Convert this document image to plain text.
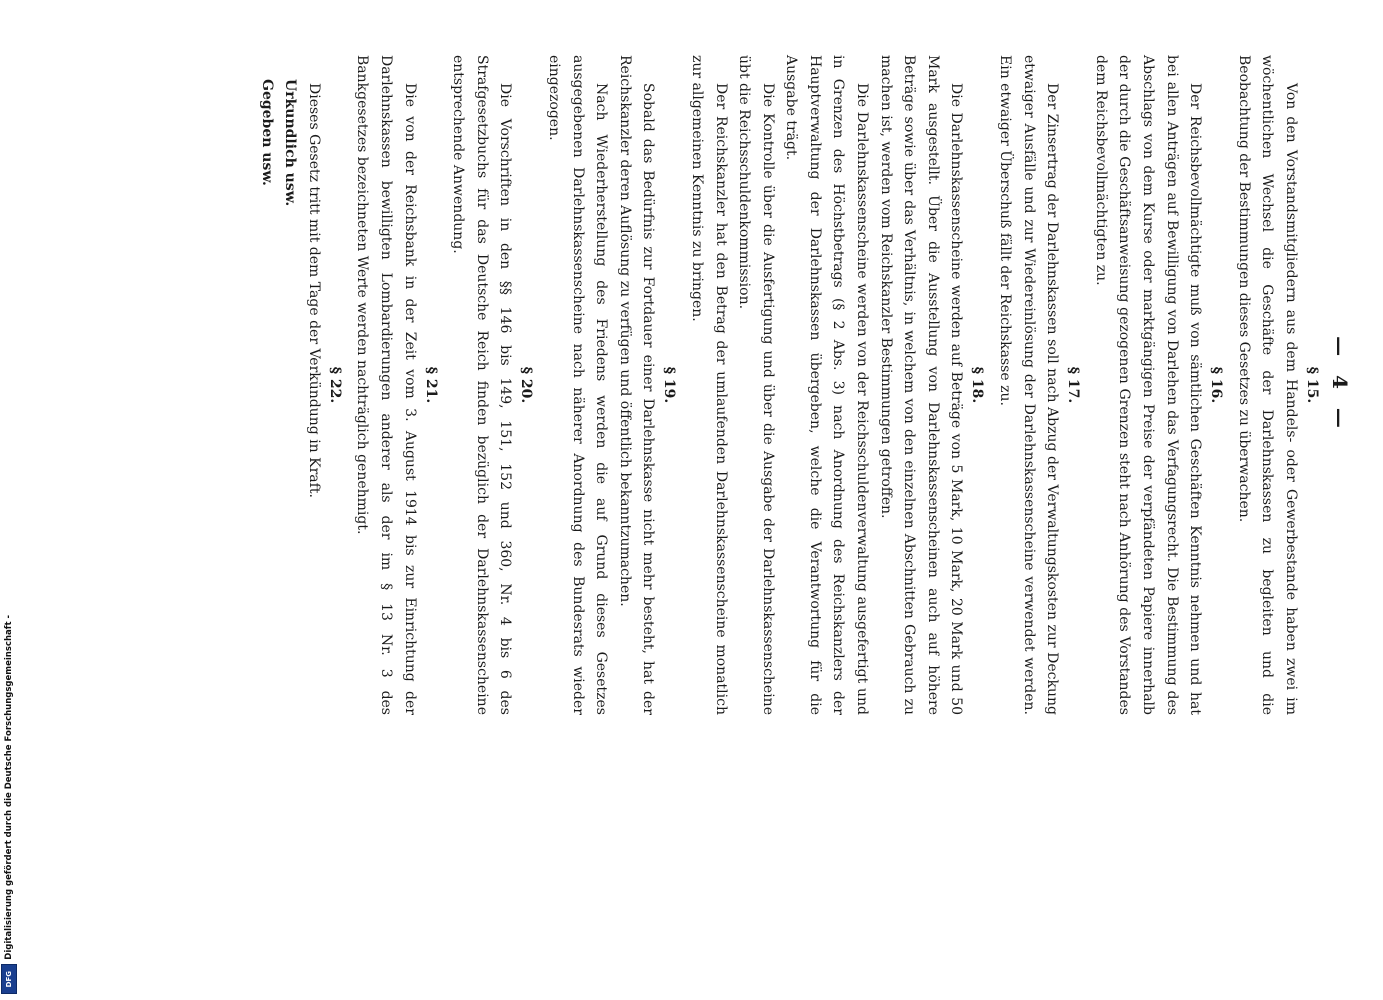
— 4 —
§ 15.

Von den Vorstandsmitgliedern aus dem Handels- oder Gewerbestande haben zwei im wöchentlichen Wechsel die Geschäfte der Darlehnskassen zu begleiten und die Beobachtung der Bestimmungen dieses Gesetzes zu überwachen.

§ 16.

Der Reichsbevollmächtigte muß von sämtlichen Geschäften Kenntnis nehmen und hat bei allen Anträgen auf Bewilligung von Darlehen das Verfagungsrecht. Die Bestimmung des Abschlags von dem Kurse oder marktgängigen Preise der verpfändeten Papiere innerhalb der durch die Geschäftsanweisung gezogenen Grenzen steht nach Anhörung des Vorstandes dem Reichsbevollmächtigten zu.

§ 17.

Der Zinsertrag der Darlehnskassen soll nach Abzug der Verwaltungskosten zur Deckung etwaiger Ausfälle und zur Wiedereinlösung der Darlehnskassenscheine verwendet werden. Ein etwaiger Überschuß fällt der Reichskasse zu.

§ 18.

Die Darlehnskassenscheine werden auf Beträge von 5 Mark, 10 Mark, 20 Mark und 50 Mark ausgestellt. Über die Ausstellung von Darlehnskassenscheinen auch auf höhere Beträge sowie über das Verhältnis, in welchem von den einzelnen Abschnitten Gebrauch zu machen ist, werden vom Reichskanzler Bestimmungen getroffen.

Die Darlehnskassenscheine werden von der Reichsschuldenverwaltung ausgefertigt und in Grenzen des Höchstbetrags (§ 2 Abs. 3) nach Anordnung des Reichskanzlers der Hauptverwaltung der Darlehnskassen übergeben, welche die Verantwortung für die Ausgabe trägt.

Die Kontrolle über die Ausfertigung und über die Ausgabe der Darlehnskassenscheine übt die Reichsschuldenkommission.

Der Reichskanzler hat den Betrag der umlaufenden Darlehnskassenscheine monatlich zur allgemeinen Kenntnis zu bringen.

§ 19.

Sobald das Bedürfnis zur Fortdauer einer Darlehnskasse nicht mehr besteht, hat der Reichskanzler deren Auflösung zu verfügen und öffentlich bekanntzumachen.

Nach Wiederherstellung des Friedens werden die auf Grund dieses Gesetzes ausgegebenen Darlehnskassenscheine nach näherer Anordnung des Bundesrats wieder eingezogen.

§ 20.

Die Vorschriften in den §§ 146 bis 149, 151, 152 und 360, Nr. 4 bis 6 des Strafgesetzbuchs für das Deutsche Reich finden bezüglich der Darlehnskassenscheine entsprechende Anwendung.

§ 21.

Die von der Reichsbank in der Zeit vom 3. August 1914 bis zur Einrichtung der Darlehnskassen bewilligten Lombardierungen anderer als der im § 13 Nr. 3 des Bankgesetzes bezeichneten Werte werden nachträglich genehmigt.

§ 22.

Dieses Gesetz tritt mit dem Tage der Verkündung in Kraft.

Urkundlich usw.
Gegeben usw.
DFG
Digitalisierung gefördert durch die Deutsche Forschungsgemeinschaft -
